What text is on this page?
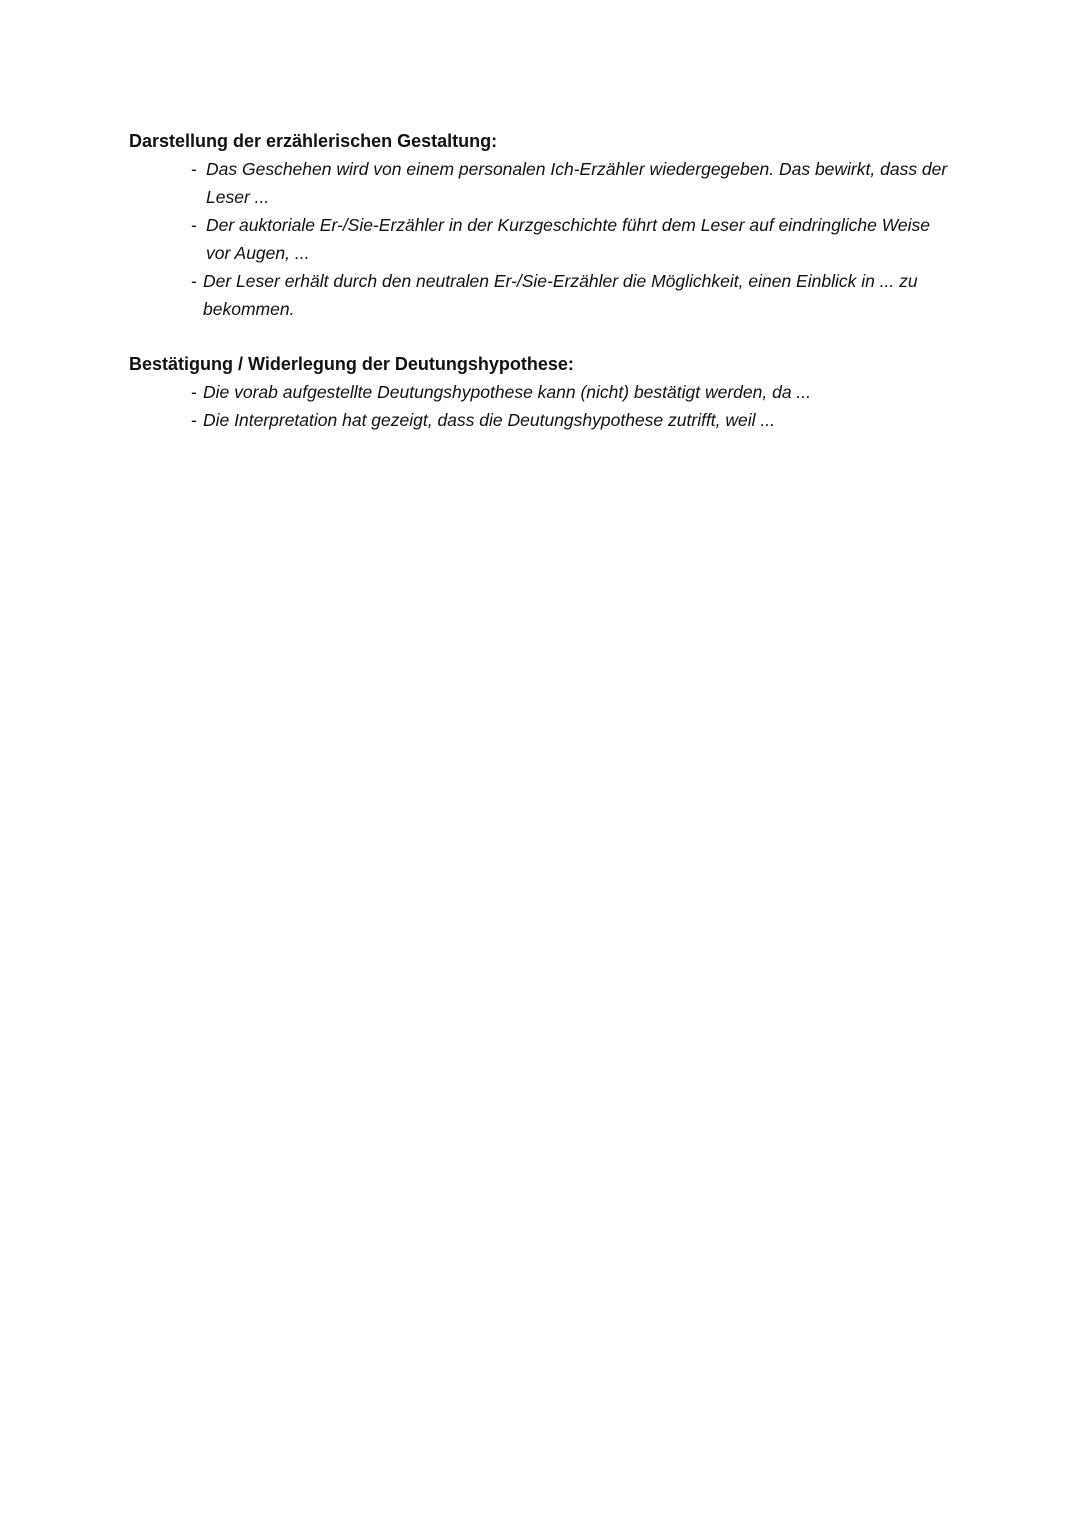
Darstellung der erzählerischen Gestaltung:

- Das Geschehen wird von einem personalen Ich-Erzähler wiedergegeben. Das bewirkt, dass der Leser ...
- Der auktoriale Er-/Sie-Erzähler in der Kurzgeschichte führt dem Leser auf eindringliche Weise vor Augen, ...
- Der Leser erhält durch den neutralen Er-/Sie-Erzähler die Möglichkeit, einen Einblick in ... zu bekommen.

Bestätigung / Widerlegung der Deutungshypothese:

- Die vorab aufgestellte Deutungshypothese kann (nicht) bestätigt werden, da ...
- Die Interpretation hat gezeigt, dass die Deutungshypothese zutrifft, weil ...
